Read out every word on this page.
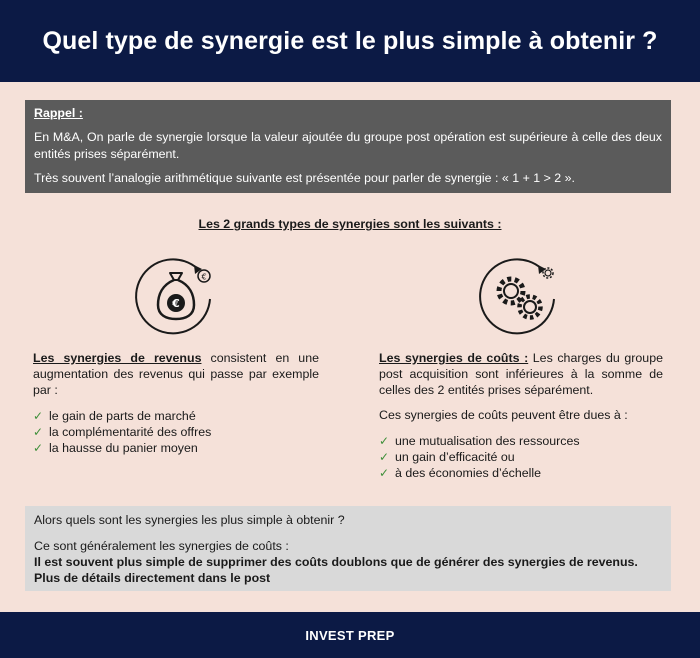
Quel type de synergie est le plus simple à obtenir ?
Rappel :

En M&A, On parle de synergie lorsque la valeur ajoutée du groupe post opération est supérieure à celle des deux entités prises séparément.

Très souvent l’analogie arithmétique suivante est présentée pour parler de synergie : « 1 + 1 > 2 ».

Les 2 grands types de synergies sont les suivants :
€
€

Les synergies de revenus consistent en une augmentation des revenus qui passe par exemple par :

✓ le gain de parts de marché
✓ la complémentarité des offres
✓ la hausse du panier moyen

Les synergies de coûts : Les charges du groupe post acquisition sont inférieures à la somme de celles des 2 entités prises séparément.

Ces synergies de coûts peuvent être dues à :

✓ une mutualisation des ressources
✓ un gain d’efficacité ou
✓ à des économies d’échelle

Alors quels sont les synergies les plus simple à obtenir ?

Ce sont généralement les synergies de coûts :

Il est souvent plus simple de supprimer des coûts doublons que de générer des synergies de revenus.

Plus de détails directement dans le post

INVEST PREP
